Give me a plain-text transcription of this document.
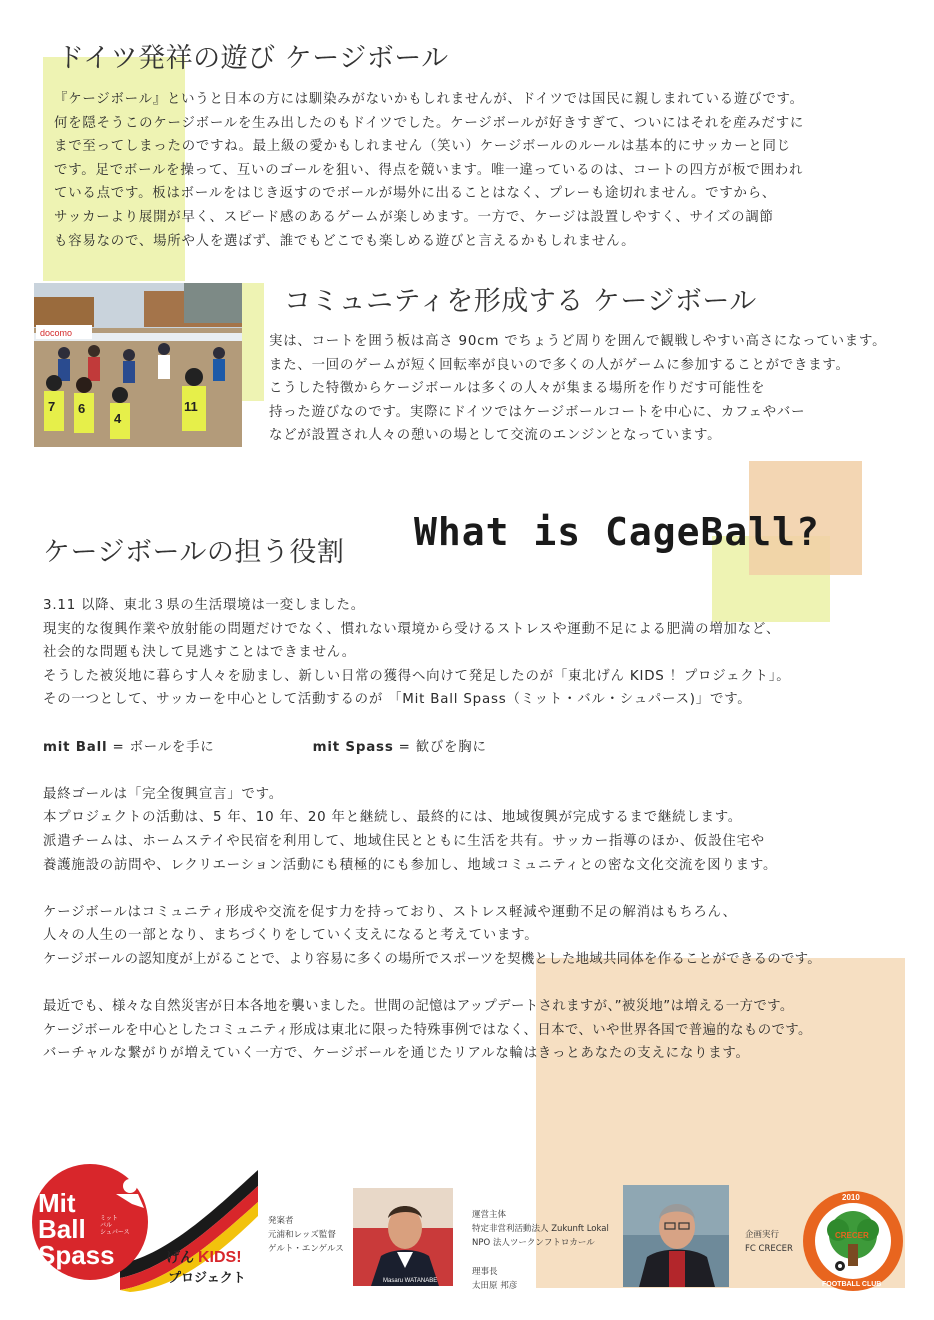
ドイツ発祥の遊び ケージボール

『ケージボール』というと日本の方には馴染みがないかもしれませんが、ドイツでは国民に親しまれている遊びです。

何を隠そうこのケージボールを生み出したのもドイツでした。ケージボールが好きすぎて、ついにはそれを産みだすに

まで至ってしまったのですね。最上級の愛かもしれません（笑い）ケージボールのルールは基本的にサッカーと同じ

です。足でボールを操って、互いのゴールを狙い、得点を競います。唯一違っているのは、コートの四方が板で囲われ

ている点です。板はボールをはじき返すのでボールが場外に出ることはなく、プレーも途切れません。ですから、

サッカーより展開が早く、スピード感のあるゲームが楽しめます。一方で、ケージは設置しやすく、サイズの調節

も容易なので、場所や人を選ばず、誰でもどこでも楽しめる遊びと言えるかもしれません。

docomo
7 6
4
11
コミュニティを形成する ケージボール

実は、コートを囲う板は高さ 90cm でちょうど周りを囲んで観戦しやすい高さになっています。

また、一回のゲームが短く回転率が良いので多くの人がゲームに参加することができます。

こうした特徴からケージボールは多くの人々が集まる場所を作りだす可能性を

持った遊びなのです。実際にドイツではケージボールコートを中心に、カフェやバー

などが設置され人々の憩いの場として交流のエンジンとなっています。

What is CageBall?
ケージボールの担う役割

3.11 以降、東北３県の生活環境は一変しました。

現実的な復興作業や放射能の問題だけでなく、慣れない環境から受けるストレスや運動不足による肥満の増加など、

社会的な問題も決して見逃すことはできません。

そうした被災地に暮らす人々を励まし、新しい日常の獲得へ向けて発足したのが「東北げん KIDS ！プロジェクト」。

その一つとして、サッカーを中心として活動するのが 「Mit Ball Spass（ミット・バル・シュパース)」です。

mit Ball = ボールを手に	mit Spass = 歓びを胸に

最終ゴールは「完全復興宣言」です。

本プロジェクトの活動は、5 年、10 年、20 年と継続し、最終的には、地域復興が完成するまで継続します。

派遣チームは、ホームステイや民宿を利用して、地域住民とともに生活を共有。サッカー指導のほか、仮設住宅や

養護施設の訪問や、レクリエーション活動にも積極的にも参加し、地域コミュニティとの密な文化交流を図ります。

ケージボールはコミュニティ形成や交流を促す力を持っており、ストレス軽減や運動不足の解消はもちろん、

人々の人生の一部となり、まちづくりをしていく支えになると考えています。

ケージボールの認知度が上がることで、より容易に多くの場所でスポーツを契機とした地域共同体を作ることができるのです。

最近でも、様々な自然災害が日本各地を襲いました。世間の記憶はアップデートされますが、”被災地”は増える一方です。

ケージボールを中心としたコミュニティ形成は東北に限った特殊事例ではなく、日本で、いや世界各国で普遍的なものです。

バーチャルな繋がりが増えていく一方で、ケージボールを通じたリアルな輪はきっとあなたの支えになります。

Mit
Ball
Spass
ミット
バル
シュパース
げん KIDS!
プロジェクト

発案者

元浦和レッズ監督

ゲルト・エンゲルス

Masaru WATANABE

運営主体

特定非営利活動法人 Zukunft Lokal

NPO 法人ツークンフトロカール

理事長

太田原 邦彦

企画実行

FC CRECER

2010
CRECER
FOOTBALL CLUB
